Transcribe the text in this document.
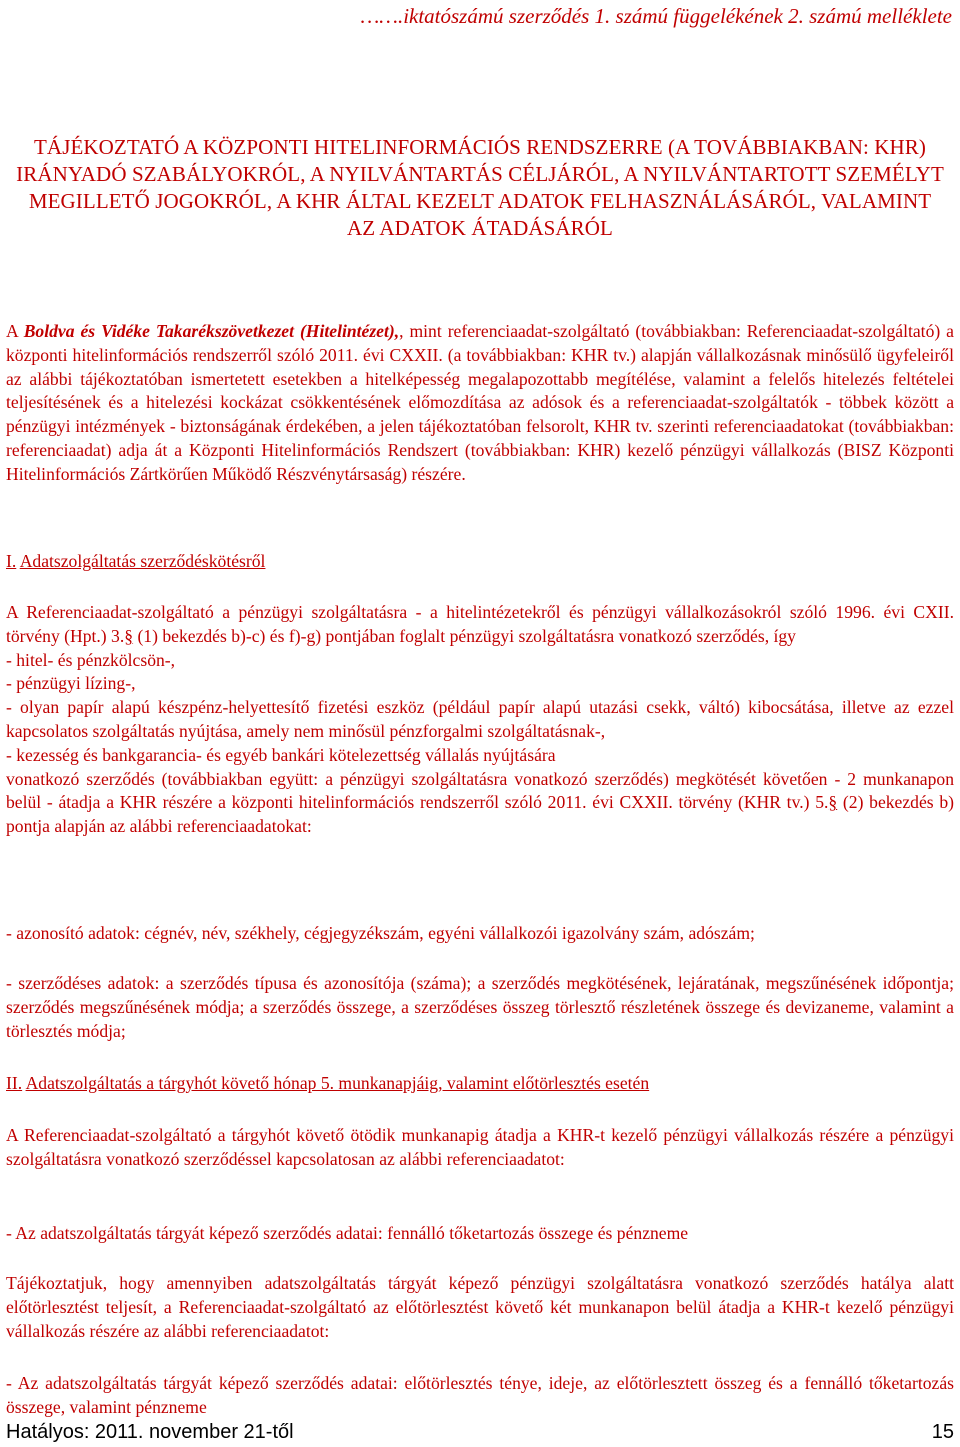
…….iktatószámú szerződés 1. számú függelékének 2. számú melléklete
TÁJÉKOZTATÓ A KÖZPONTI HITELINFORMÁCIÓS RENDSZERRE (A TOVÁBBIAKBAN: KHR) IRÁNYADÓ SZABÁLYOKRÓL, A NYILVÁNTARTÁS CÉLJÁRÓL, A NYILVÁNTARTOTT SZEMÉLYT MEGILLETŐ JOGOKRÓL, A KHR ÁLTAL KEZELT ADATOK FELHASZNÁLÁSÁRÓL, VALAMINT AZ ADATOK ÁTADÁSÁRÓL

A Boldva és Vidéke Takarékszövetkezet (Hitelintézet),, mint referenciaadat-szolgáltató (továbbiakban: Referenciaadat-szolgáltató) a központi hitelinformációs rendszerről szóló 2011. évi CXXII. (a továbbiakban: KHR tv.) alapján vállalkozásnak minősülő ügyfeleiről az alábbi tájékoztatóban ismertetett esetekben a hitelképesség megalapozottabb megítélése, valamint a felelős hitelezés feltételei teljesítésének és a hitelezési kockázat csökkentésének előmozdítása az adósok és a referenciaadat-szolgáltatók - többek között a pénzügyi intézmények - biztonságának érdekében, a jelen tájékoztatóban felsorolt, KHR tv. szerinti referenciaadatokat (továbbiakban: referenciaadat) adja át a Központi Hitelinformációs Rendszert (továbbiakban: KHR) kezelő pénzügyi vállalkozás (BISZ Központi Hitelinformációs Zártkörűen Működő Részvénytársaság) részére.

I. Adatszolgáltatás szerződéskötésről

A Referenciaadat-szolgáltató a pénzügyi szolgáltatásra - a hitelintézetekről és pénzügyi vállalkozásokról szóló 1996. évi CXII. törvény (Hpt.) 3.§ (1) bekezdés b)-c) és f)-g) pontjában foglalt pénzügyi szolgáltatásra vonatkozó szerződés, így

- hitel- és pénzkölcsön-,

- pénzügyi lízing-,

- olyan papír alapú készpénz-helyettesítő fizetési eszköz (például papír alapú utazási csekk, váltó) kibocsátása, illetve az ezzel kapcsolatos szolgáltatás nyújtása, amely nem minősül pénzforgalmi szolgáltatásnak-,

- kezesség és bankgarancia- és egyéb bankári kötelezettség vállalás nyújtására

vonatkozó szerződés (továbbiakban együtt: a pénzügyi szolgáltatásra vonatkozó szerződés) megkötését követően - 2 munkanapon belül - átadja a KHR részére a központi hitelinformációs rendszerről szóló 2011. évi CXXII. törvény (KHR tv.) 5.§ (2) bekezdés b) pontja alapján az alábbi referenciaadatokat:

- azonosító adatok: cégnév, név, székhely, cégjegyzékszám, egyéni vállalkozói igazolvány szám, adószám;
- szerződéses adatok: a szerződés típusa és azonosítója (száma); a szerződés megkötésének, lejáratának, megszűnésének időpontja; szerződés megszűnésének módja; a szerződés összege, a szerződéses összeg törlesztő részletének összege és devizaneme, valamint a törlesztés módja;

II. Adatszolgáltatás a tárgyhót követő hónap 5. munkanapjáig, valamint előtörlesztés esetén

A Referenciaadat-szolgáltató a tárgyhót követő ötödik munkanapig átadja a KHR-t kezelő pénzügyi vállalkozás részére a pénzügyi szolgáltatásra vonatkozó szerződéssel kapcsolatosan az alábbi referenciaadatot:
- Az adatszolgáltatás tárgyát képező szerződés adatai: fennálló tőketartozás összege és pénzneme
Tájékoztatjuk, hogy amennyiben adatszolgáltatás tárgyát képező pénzügyi szolgáltatásra vonatkozó szerződés hatálya alatt előtörlesztést teljesít, a Referenciaadat-szolgáltató az előtörlesztést követő két munkanapon belül átadja a KHR-t kezelő pénzügyi vállalkozás részére az alábbi referenciaadatot:
- Az adatszolgáltatás tárgyát képező szerződés adatai: előtörlesztés ténye, ideje, az előtörlesztett összeg és a fennálló tőketartozás összege, valamint pénzneme
Hatályos: 2011. november 21-től	15
